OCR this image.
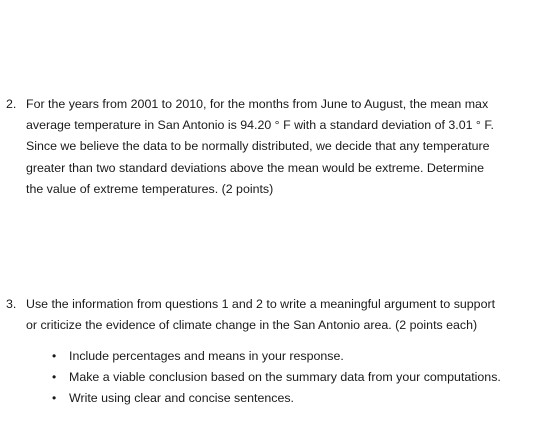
2. For the years from 2001 to 2010, for the months from June to August, the mean max
average temperature in San Antonio is 94.20 ° F with a standard deviation of 3.01 ° F.
Since we believe the data to be normally distributed, we decide that any temperature
greater than two standard deviations above the mean would be extreme. Determine
the value of extreme temperatures. (2 points)
3. Use the information from questions 1 and 2 to write a meaningful argument to support
or criticize the evidence of climate change in the San Antonio area. (2 points each)
• Include percentages and means in your response.
• Make a viable conclusion based on the summary data from your computations.
• Write using clear and concise sentences.
